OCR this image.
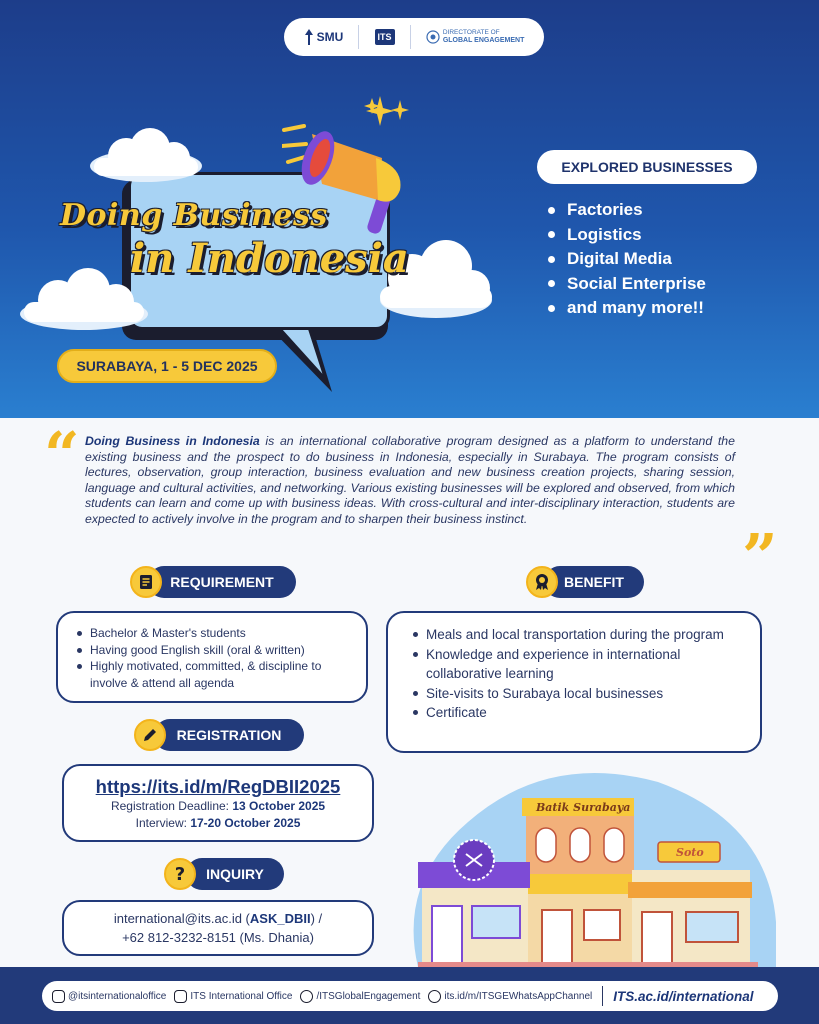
SMU	ITS	DIRECTORATE OF
GLOBAL ENGAGEMENT
Doing Business
in Indonesia
SURABAYA, 1 - 5 DEC 2025
EXPLORED BUSINESSES
Factories
Logistics
Digital Media
Social Enterprise
and many more!!
“ Doing Business in Indonesia is an international collaborative program designed as a platform to understand the existing business and the prospect to do business in Indonesia, especially in Surabaya. The program consists of lectures, observation, group interaction, business evaluation and new business creation projects, sharing session, language and cultural activities, and networking. Various existing businesses will be explored and observed, from which students can learn and come up with business ideas. With cross-cultural and inter-disciplinary interaction, students are expected to actively involve in the program and to sharpen their business instinct.

”
REQUIREMENT
Bachelor & Master's students
Having good English skill (oral & written)
Highly motivated, committed, & discipline to involve & attend all agenda
BENEFIT
Meals and local transportation during the program
Knowledge and experience in international collaborative learning
Site-visits to Surabaya local businesses
Certificate
REGISTRATION
https://its.id/m/RegDBII2025
Registration Deadline: 13 October 2025
Interview: 17-20 October 2025
INQUIRY
?
international@its.ac.id (ASK_DBII) /
+62 812-3232-8151 (Ms. Dhania)
Batik Surabaya
Soto
@itsinternationaloffice ITS International Office /ITSGlobalEngagement its.id/m/ITSGEWhatsAppChannel ITS.ac.id/international
